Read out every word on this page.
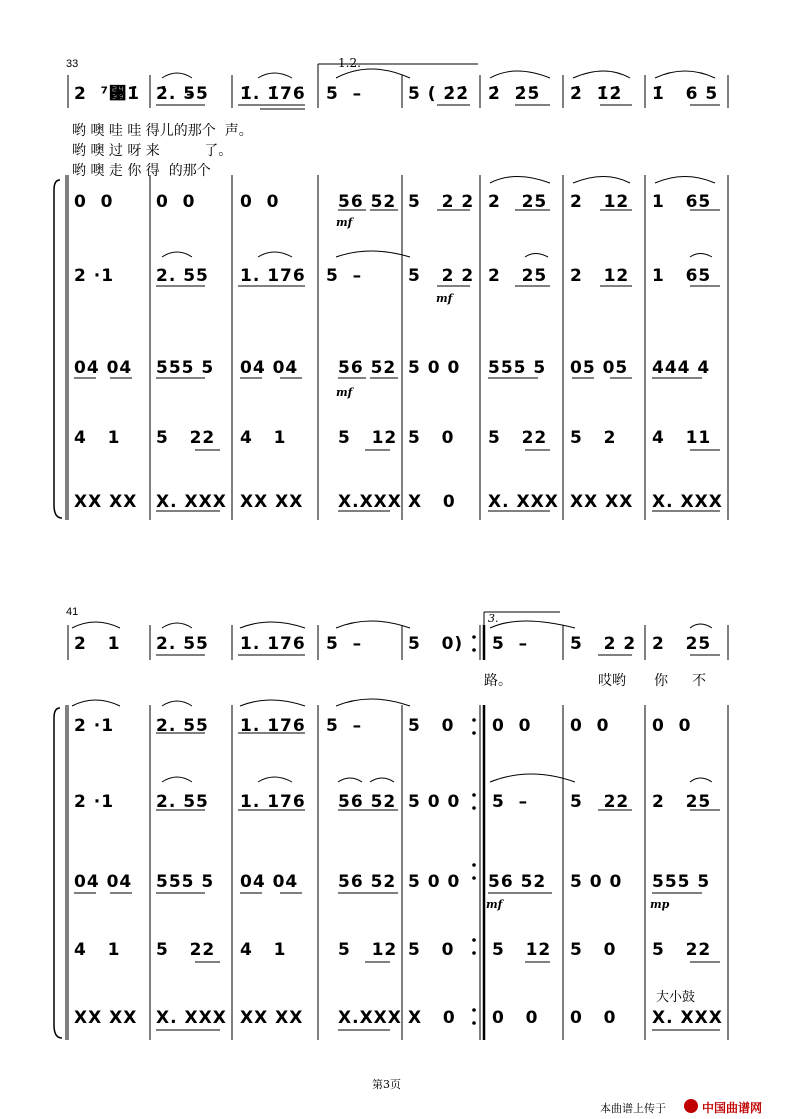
33
41
1.2.
3.
2  ⁷␹1̇ 2̇. 5̵5 1̇. 1̇76 5  –	5 ( 2̇2̇ 2̇  2̇5̇ 2̇  1̇2̇ 1̇   6 5
哟 噢 哇 哇 得儿的那个  声。
哟 噢 过 呀 来          了。
哟 噢 走 你 得  的那个
0  0	0  0	0  0	56 52 5   2 2 2   25 2   12 1   65
mf
2 ·1 2. 55 1. 176 5  –	5   2 2 2   25 2   12 1   65
mf
04 04 555 5 04 04 56 52 5 0 0 555 5 05 05 444 4
mf
4   1 5   22 4   1	5   12 5   0 5   22 5   2 4   11
XX XX X. XXX XX XX X.XXX X   0 X. XXX XX XX X. XXX
2   1 2. 55 1. 176 5  –	5   0) 5  – 5   2 2 2   25
路。	哎哟 你 不
2 ·1 2. 55 1. 176 5  –	5   0 0  0 0  0	0  0
2 ·1 2. 55 1. 176 56 52 5 0 0 5  – 5   22 2   25
04 04 555 5 04 04 56 52 5 0 0 56 52 5 0 0 555 5
mf	mp
4   1 5   22 4   1	5   12 5   0 5   12 5   0 5   22
大小鼓
XX XX X. XXX XX XX X.XXX X   0 0   0 0   0 X. XXX
第3页
本曲谱上传于	中国曲谱网
